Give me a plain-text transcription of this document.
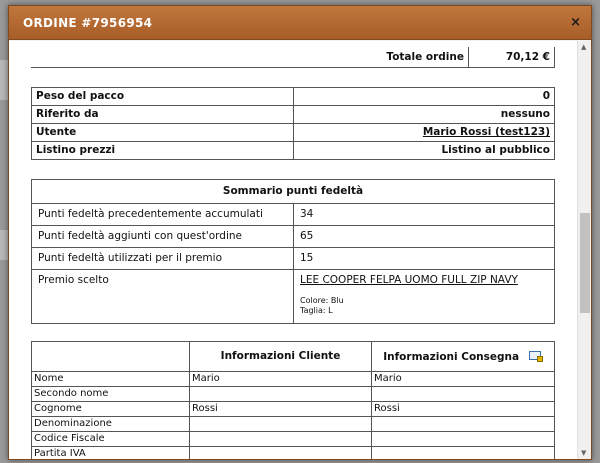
ORDINE #7956954	×
Totale ordine	70,12 €
Peso del pacco	0
Riferito da	nessuno
Utente	Mario Rossi (test123)
Listino prezzi	Listino al pubblico
Sommario punti fedeltà	
Punti fedeltà precedentemente accumulati	34
Punti fedeltà aggiunti con quest'ordine	65
Punti fedeltà utilizzati per il premio	15
Premio scelto	LEE COOPER FELPA UOMO FULL ZIP NAVY
Colore: Blu
Taglia: L
	Informazioni Cliente	Informazioni Consegna

Nome	Mario	Mario
Secondo nome		
Cognome	Rossi	Rossi
Denominazione		
Codice Fiscale		
Partita IVA		
▲
▼
